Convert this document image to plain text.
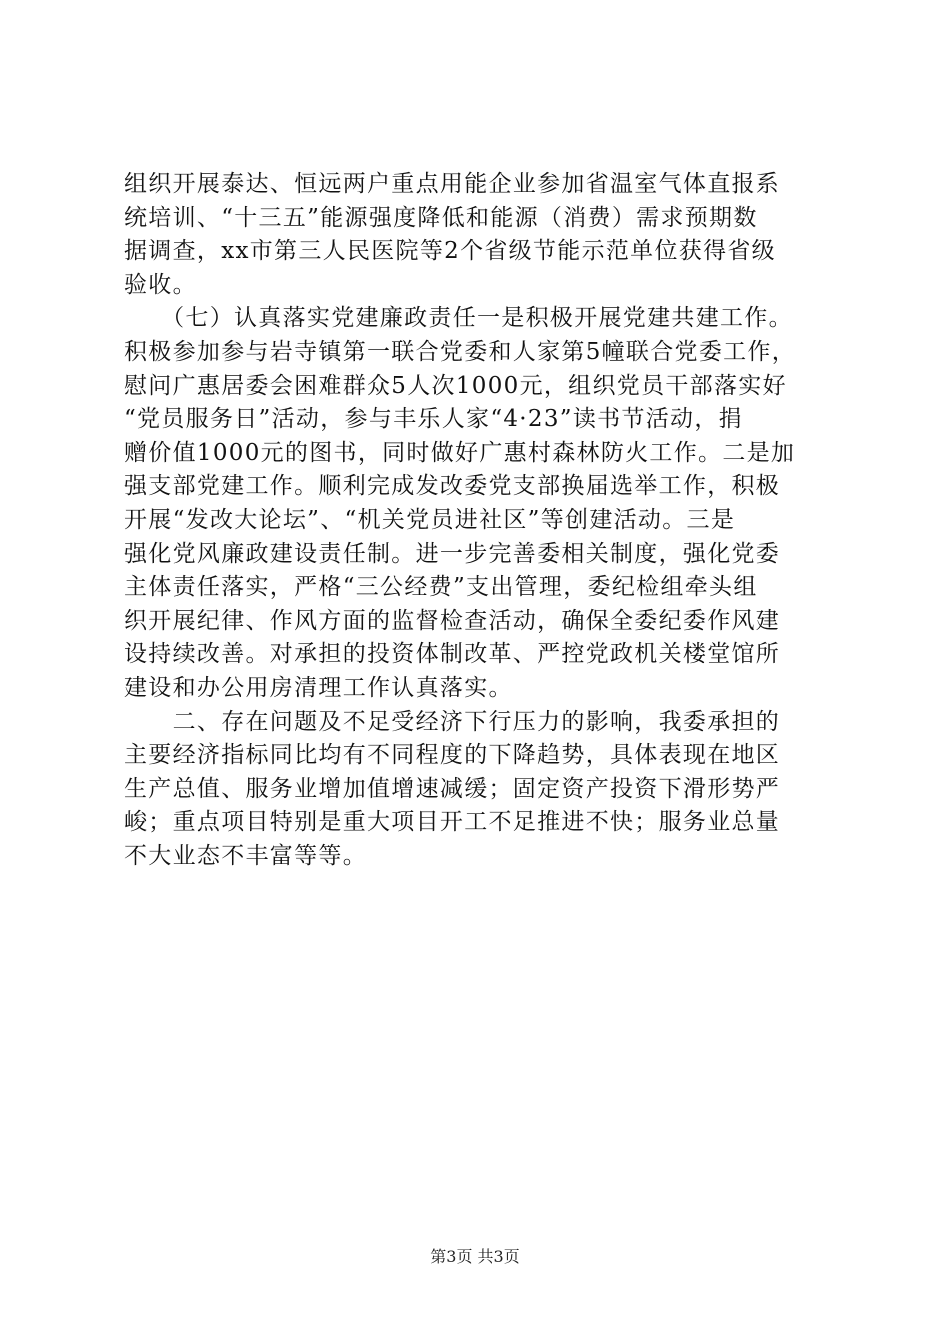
组织开展泰达、恒远两户重点用能企业参加省温室气体直报系
统培训、“十三五”能源强度降低和能源（消费）需求预期数
据调查，xx市第三人民医院等2个省级节能示范单位获得省级
验收。
　　（七）认真落实党建廉政责任一是积极开展党建共建工作。
积极参加参与岩寺镇第一联合党委和人家第5幢联合党委工作，
慰问广惠居委会困难群众5人次1000元，组织党员干部落实好
“党员服务日”活动，参与丰乐人家“4·23”读书节活动，捐
赠价值1000元的图书，同时做好广惠村森林防火工作。二是加
强支部党建工作。顺利完成发改委党支部换届选举工作，积极
开展“发改大论坛”、“机关党员进社区”等创建活动。三是
强化党风廉政建设责任制。进一步完善委相关制度，强化党委
主体责任落实，严格“三公经费”支出管理，委纪检组牵头组
织开展纪律、作风方面的监督检查活动，确保全委纪委作风建
设持续改善。对承担的投资体制改革、严控党政机关楼堂馆所
建设和办公用房清理工作认真落实。
　　二、存在问题及不足受经济下行压力的影响，我委承担的
主要经济指标同比均有不同程度的下降趋势，具体表现在地区
生产总值、服务业增加值增速减缓；固定资产投资下滑形势严
峻；重点项目特别是重大项目开工不足推进不快；服务业总量
不大业态不丰富等等。
第3页 共3页
